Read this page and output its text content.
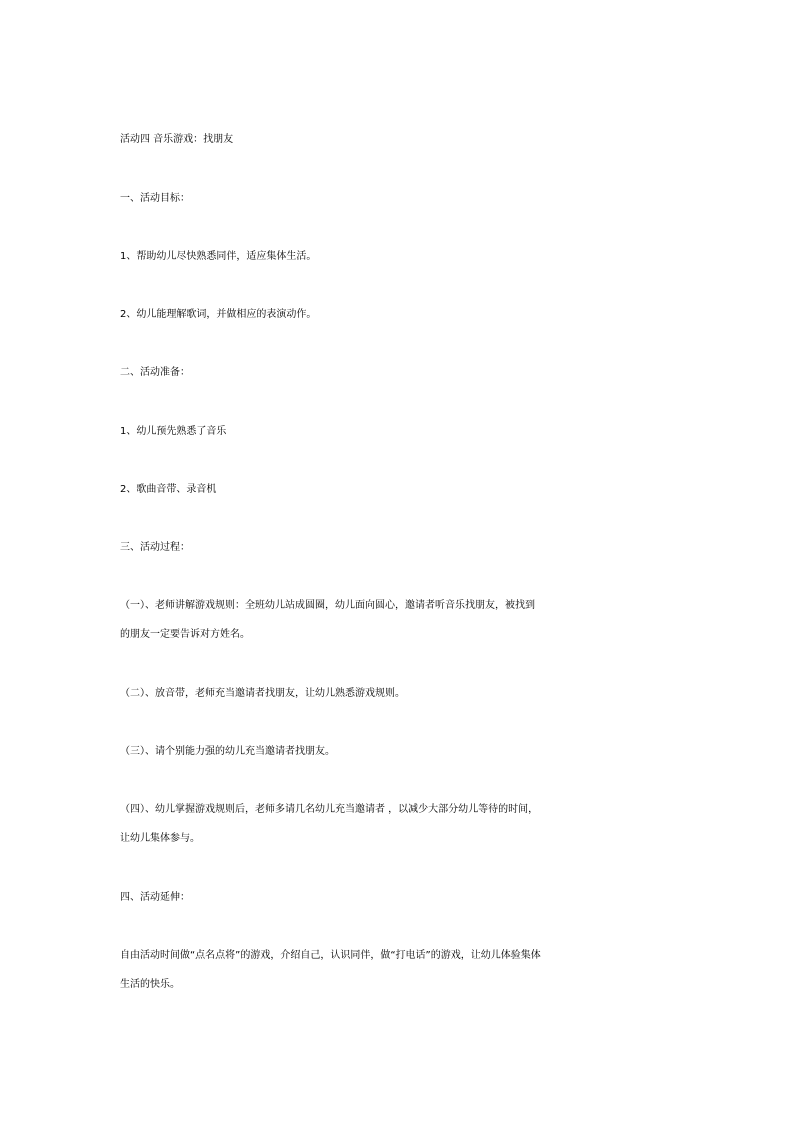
活动四 音乐游戏：找朋友

一、活动目标：

1、帮助幼儿尽快熟悉同伴，适应集体生活。

2、幼儿能理解歌词，并做相应的表演动作。

二、活动准备：

1、幼儿预先熟悉了音乐

2、歌曲音带、录音机

三、活动过程：

（一）、老师讲解游戏规则：全班幼儿站成圆圈，幼儿面向圆心，邀请者听音乐找朋友，被找到

的朋友一定要告诉对方姓名。

（二）、放音带，老师充当邀请者找朋友，让幼儿熟悉游戏规则。

（三）、请个别能力强的幼儿充当邀请者找朋友。

（四）、幼儿掌握游戏规则后，老师多请几名幼儿充当邀请者 ，以减少大部分幼儿等待的时间，

让幼儿集体参与。

四、活动延伸：

自由活动时间做“点名点将”的游戏，介绍自己，认识同伴，做“打电话”的游戏，让幼儿体验集体

生活的快乐。
